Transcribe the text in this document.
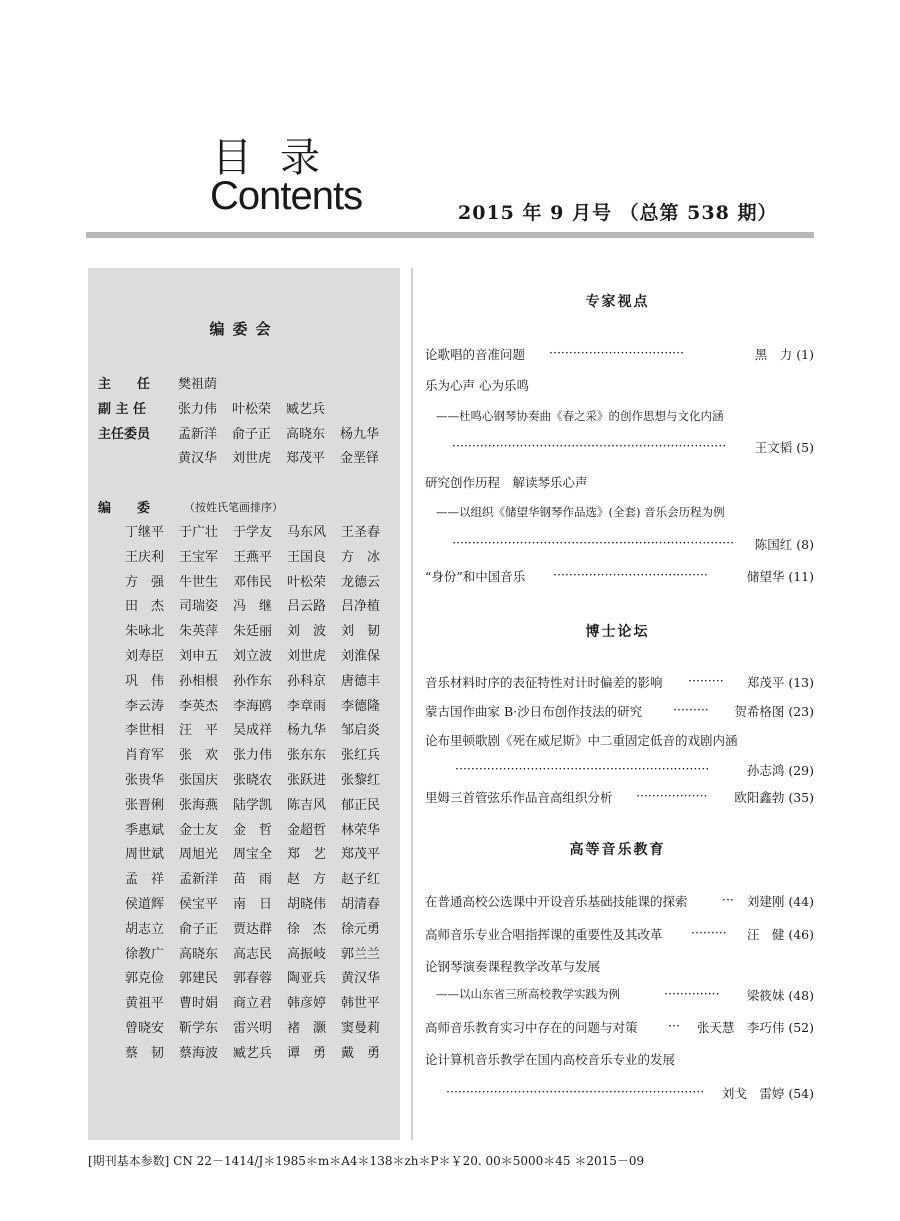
目录
Contents	2015 年 9 月号 （总第 538 期）
编委会
主　　任 樊祖荫
副 主 任 张力伟 叶松荣 臧艺兵
主任委员 孟新洋 俞子正 高晓东 杨九华
黄汉华 刘世虎 郑茂平 金垩铎
编　　委	（按姓氏笔画排序）
丁继平 于广壮 于学友 马东风 王圣春
王庆利 王宝军 王燕平 王国良 方　冰
方　强 牛世生 邓伟民 叶松荣 龙德云
田　杰 司瑞姿 冯　继 吕云路 吕净植
朱咏北 朱英萍 朱廷丽 刘　波 刘　韧
刘寿臣 刘申五 刘立波 刘世虎 刘淮保
巩　伟 孙相根 孙作东 孙科京 唐德丰
李云涛 李英杰 李海鸥 李章雨 李德隆
李世相 汪　平 吴成祥 杨九华 邹启炎
肖育军 张　欢 张力伟 张东东 张红兵
张贵华 张国庆 张晓农 张跃进 张黎红
张晋俐 张海燕 陆学凯 陈吉风 郁正民
季惠斌 金士友 金　哲 金超哲 林荣华
周世斌 周旭光 周宝全 郑　艺 郑茂平
孟　祥 孟新洋 苗　雨 赵　方 赵子红
侯道辉 侯宝平 南　日 胡晓伟 胡清春
胡志立 俞子正 贾达群 徐　杰 徐元勇
徐教广 高晓东 高志民 高振岐 郭兰兰
郭克俭 郭建民 郭春蓉 陶亚兵 黄汉华
黄祖平 曹时娟 商立君 韩彦婷 韩世平
曾晓安 靳学东 雷兴明 褚　灏 窦曼莉
蔡　韧 蔡海波 臧艺兵 谭　勇 戴　勇
专家视点
论歌唱的音准问题 ··································	黑　力 (1)
乐为心声 心为乐鸣
——杜鸣心钢琴协奏曲《春之采》的创作思想与文化内涵
····································································· 王文韬 (5)
研究创作历程　解读琴乐心声
——以组织《储望华钢琴作品选》(全套) 音乐会历程为例
······································································· 陈国红 (8)
“身份”和中国音乐 ·······································	储望华 (11)
博士论坛
音乐材料时序的表征特性对计时偏差的影响 ········· 郑茂平 (13)
蒙古国作曲家 B·沙日布创作技法的研究 ········· 贺希格图 (23)
论布里顿歌剧《死在威尼斯》中二重固定低音的戏剧内涵
································································	孙志鸿 (29)
里姆三首管弦乐作品音高组织分析 ·················· 欧阳鑫勃 (35)
高等音乐教育
在普通高校公选课中开设音乐基础技能课的探索	··· 刘建刚 (44)
高师音乐专业合唱指挥课的重要性及其改革 ········· 汪　健 (46)
论钢琴演奏课程教学改革与发展
——以山东省三所高校教学实践为例	·············· 梁筱妹 (48)
高师音乐教育实习中存在的问题与对策 ··· 张天慧　李巧伟 (52)
论计算机音乐教学在国内高校音乐专业的发展
································································· 刘戈　雷婷 (54)
[期刊基本参数] CN 22－1414/J＊1985＊m＊A4＊138＊zh＊P＊￥20. 00＊5000＊45 ＊2015－09
